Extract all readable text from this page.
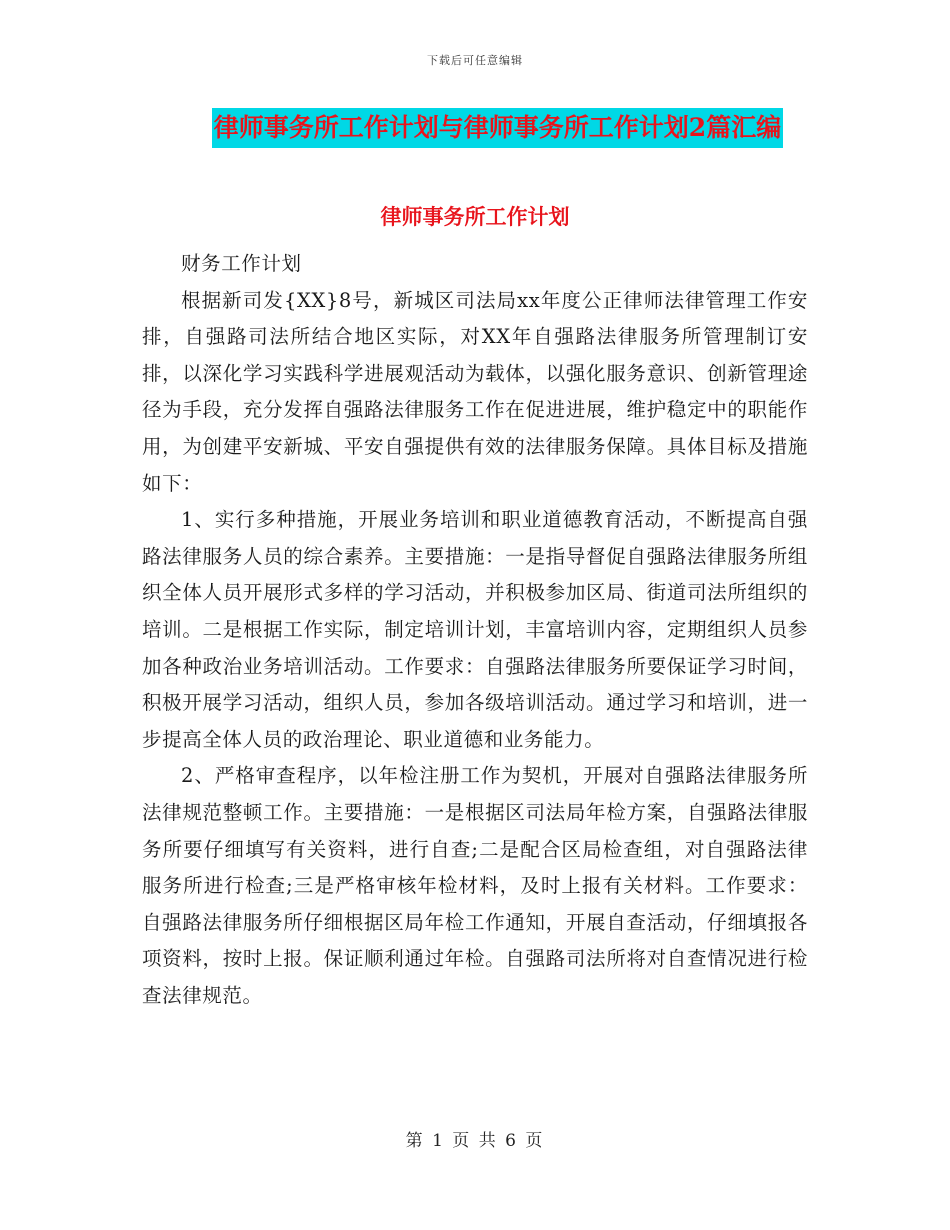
下载后可任意编辑
律师事务所工作计划与律师事务所工作计划2篇汇编
律师事务所工作计划

财务工作计划

根据新司发{XX}8号，新城区司法局xx年度公正律师法律管理工作安排，自强路司法所结合地区实际，对XX年自强路法律服务所管理制订安排，以深化学习实践科学进展观活动为载体，以强化服务意识、创新管理途径为手段，充分发挥自强路法律服务工作在促进进展，维护稳定中的职能作用，为创建平安新城、平安自强提供有效的法律服务保障。具体目标及措施如下：

1、实行多种措施，开展业务培训和职业道德教育活动，不断提高自强路法律服务人员的综合素养。主要措施：一是指导督促自强路法律服务所组织全体人员开展形式多样的学习活动，并积极参加区局、街道司法所组织的培训。二是根据工作实际，制定培训计划，丰富培训内容，定期组织人员参加各种政治业务培训活动。工作要求：自强路法律服务所要保证学习时间，积极开展学习活动，组织人员，参加各级培训活动。通过学习和培训，进一步提高全体人员的政治理论、职业道德和业务能力。

2、严格审查程序，以年检注册工作为契机，开展对自强路法律服务所法律规范整顿工作。主要措施：一是根据区司法局年检方案，自强路法律服务所要仔细填写有关资料，进行自查;二是配合区局检查组，对自强路法律服务所进行检查;三是严格审核年检材料，及时上报有关材料。工作要求：自强路法律服务所仔细根据区局年检工作通知，开展自查活动，仔细填报各项资料，按时上报。保证顺利通过年检。自强路司法所将对自查情况进行检查法律规范。

第 1 页 共 6 页
